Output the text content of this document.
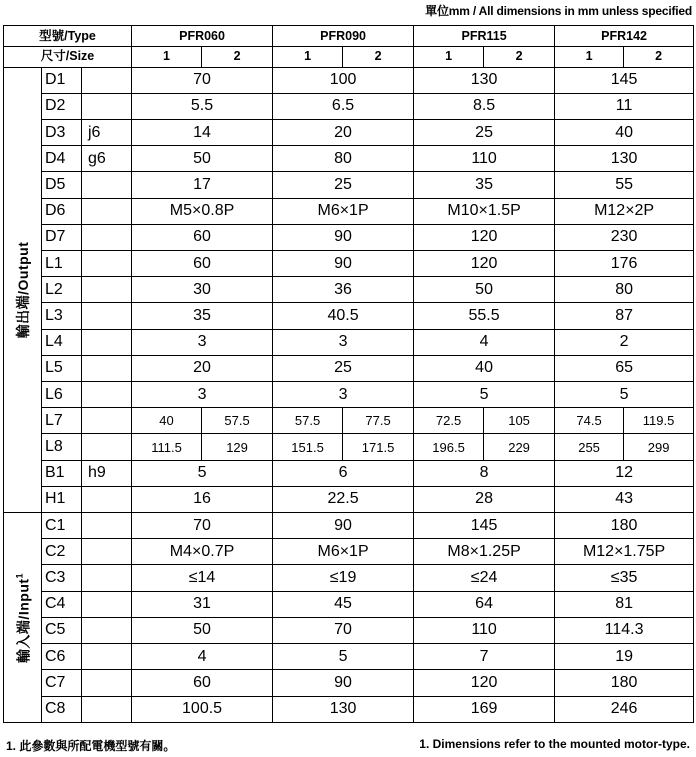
單位mm / All dimensions in mm unless specified
型號/Type			PFR060		PFR090		PFR115		PFR142	
尺寸/Size			1	2	1	2	1	2	1	2

輸出端/Output	D1		70		100		130		145	
	D2		5.5		6.5		8.5		11	
	D3	j6	14		20		25		40	
	D4	g6	50		80		110		130	
	D5		17		25		35		55	
	D6		M5×0.8P		M6×1P		M10×1.5P		M12×2P	
	D7		60		90		120		230	
	L1		60		90		120		176	
	L2		30		36		50		80	
	L3		35		40.5		55.5		87	
	L4		3		3		4		2	
	L5		20		25		40		65	
	L6		3		3		5		5	
	L7		40	57.5	57.5	77.5	72.5	105	74.5	119.5
	L8		111.5	129	151.5	171.5	196.5	229	255	299
	B1	h9	5		6		8		12	
	H1		16		22.5		28		43	

輸入端/Input$^1$	C1		70		90		145		180	
	C2		M4×0.7P		M6×1P		M8×1.25P		M12×1.75P	
	C3		≤14		≤19		≤24		≤35	
	C4		31		45		64		81	
	C5		50		70		110		114.3	
	C6		4		5		7		19	
	C7		60		90		120		180	
	C8		100.5		130		169		246	
1. 此參數與所配電機型號有關。	1. Dimensions refer to the mounted motor-type.
